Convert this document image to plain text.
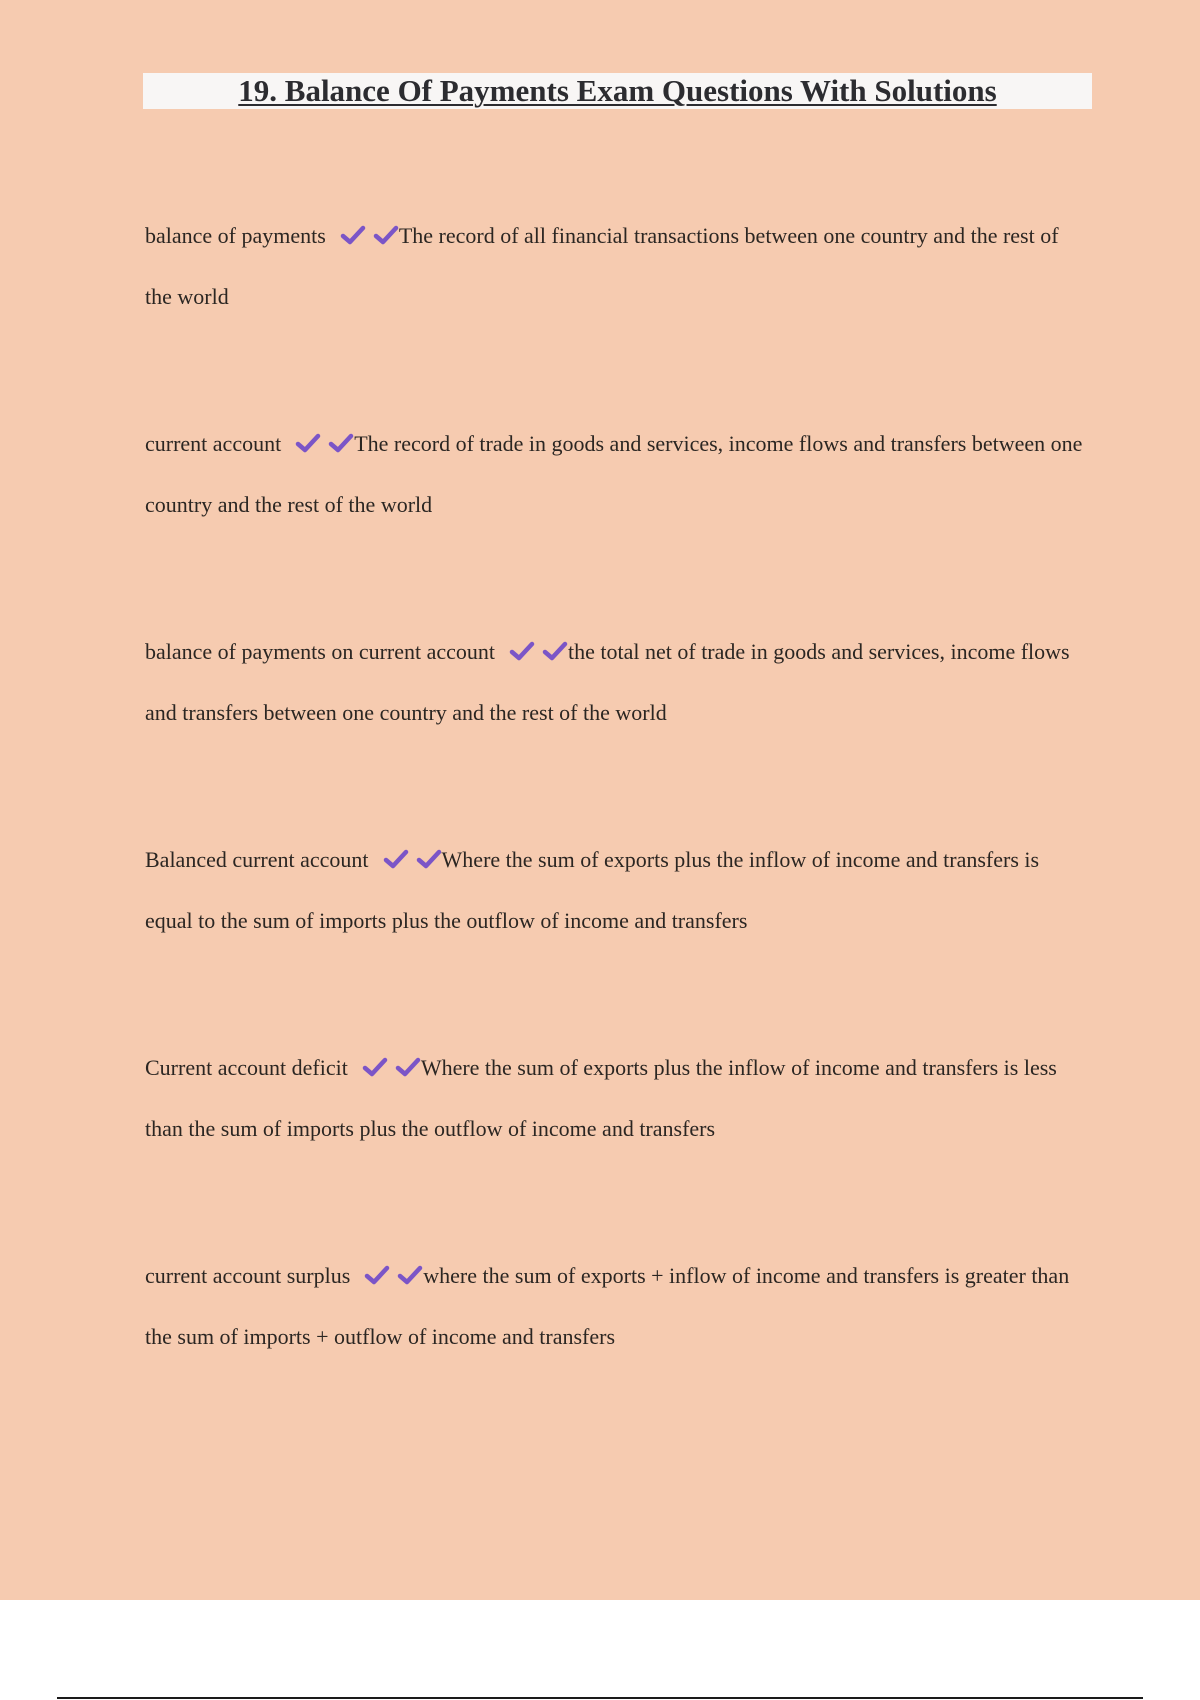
19. Balance Of Payments Exam Questions With Solutions
balance of payments	The record of all financial transactions between one country and the rest of the world
current account	The record of trade in goods and services, income flows and transfers between one country and the rest of the world
balance of payments on current account	the total net of trade in goods and services, income flows and transfers between one country and the rest of the world
Balanced current account	Where the sum of exports plus the inflow of income and transfers is equal to the sum of imports plus the outflow of income and transfers
Current account deficit	Where the sum of exports plus the inflow of income and transfers is less than the sum of imports plus the outflow of income and transfers
current account surplus	where the sum of exports + inflow of income and transfers is greater than the sum of imports + outflow of income and transfers
